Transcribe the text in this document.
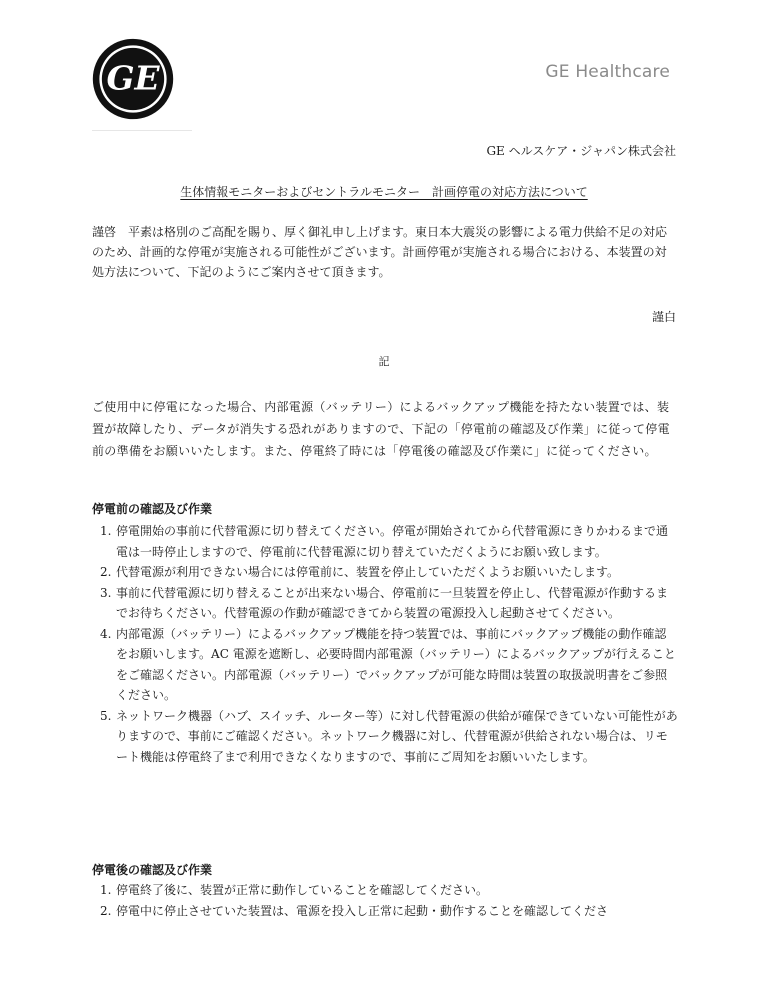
GE	GE Healthcare
GE ヘルスケア・ジャパン株式会社
生体情報モニターおよびセントラルモニター　計画停電の対応方法について
謹啓　平素は格別のご高配を賜り、厚く御礼申し上げます。東日本大震災の影響による電力供給不足の対応のため、計画的な停電が実施される可能性がございます。計画停電が実施される場合における、本装置の対処方法について、下記のようにご案内させて頂きます。
謹白
記
ご使用中に停電になった場合、内部電源（バッテリー）によるバックアップ機能を持たない装置では、装置が故障したり、データが消失する恐れがありますので、下記の「停電前の確認及び作業」に従って停電前の準備をお願いいたします。また、停電終了時には「停電後の確認及び作業に」に従ってください。
停電前の確認及び作業
1. 停電開始の事前に代替電源に切り替えてください。停電が開始されてから代替電源にきりかわるまで通電は一時停止しますので、停電前に代替電源に切り替えていただくようにお願い致します。
2. 代替電源が利用できない場合には停電前に、装置を停止していただくようお願いいたします。
3. 事前に代替電源に切り替えることが出来ない場合、停電前に一旦装置を停止し、代替電源が作動するまでお待ちください。代替電源の作動が確認できてから装置の電源投入し起動させてください。
4. 内部電源（バッテリー）によるバックアップ機能を持つ装置では、事前にバックアップ機能の動作確認をお願いします。AC 電源を遮断し、必要時間内部電源（バッテリー）によるバックアップが行えることをご確認ください。内部電源（バッテリー）でバックアップが可能な時間は装置の取扱説明書をご参照ください。
5. ネットワーク機器（ハブ、スイッチ、ルーター等）に対し代替電源の供給が確保できていない可能性がありますので、事前にご確認ください。ネットワーク機器に対し、代替電源が供給されない場合は、リモート機能は停電終了まで利用できなくなりますので、事前にご周知をお願いいたします。
停電後の確認及び作業
1. 停電終了後に、装置が正常に動作していることを確認してください。
2. 停電中に停止させていた装置は、電源を投入し正常に起動・動作することを確認してくださ
